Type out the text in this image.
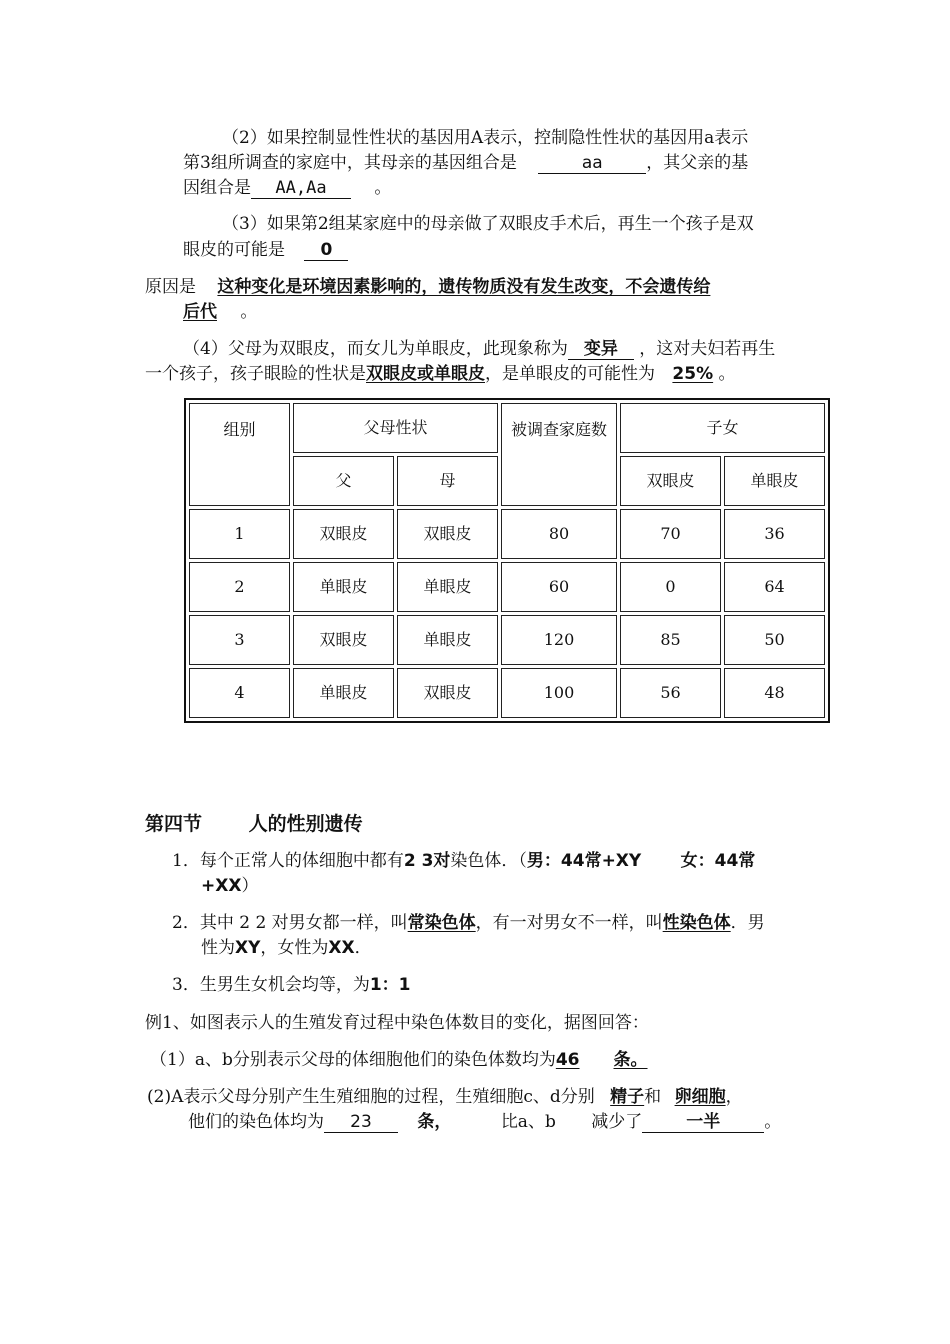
（2）如果控制显性性状的基因用A表示，控制隐性性状的基因用a表示

第3组所调查的家庭中，其母亲的基因组合是	aa	，其父亲的基

因组合是 AA,Aa	。

（3）如果第2组某家庭中的母亲做了双眼皮手术后，再生一个孩子是双

眼皮的可能是 0

原因是 这种变化是环境因素影响的，遗传物质没有发生改变，不会遗传给

后代 。

（4）父母为双眼皮，而女儿为单眼皮，此现象称为 变异 ，这对夫妇若再生

一个孩子，孩子眼睑的性状是双眼皮或单眼皮，是单眼皮的可能性为 25% 。

组别	父母性状		被调查家庭数	子女	
	父	母		双眼皮	单眼皮
1	双眼皮	双眼皮	80	70	36
2	单眼皮	单眼皮	60	0	64
3	双眼皮	单眼皮	120	85	50
4	单眼皮	双眼皮	100	56	48

第四节 人的性别遗传

1．每个正常人的体细胞中都有2 3对染色体．（男：44常+XY 女：44常

+XX）

2．其中 2 2 对男女都一样，叫常染色体，有一对男女不一样，叫性染色体．男

性为XY，女性为XX．

3．生男生女机会均等，为1：1

例1、如图表示人的生殖发育过程中染色体数目的变化，据图回答：

（1）a、b分别表示父母的体细胞他们的染色体数均为46 条。

(2)A表示父母分别产生生殖细胞的过程，生殖细胞c、d分别 精子和 卵细胞，

他们的染色体均为 23	条，	比a、b 减少了	一半	。
